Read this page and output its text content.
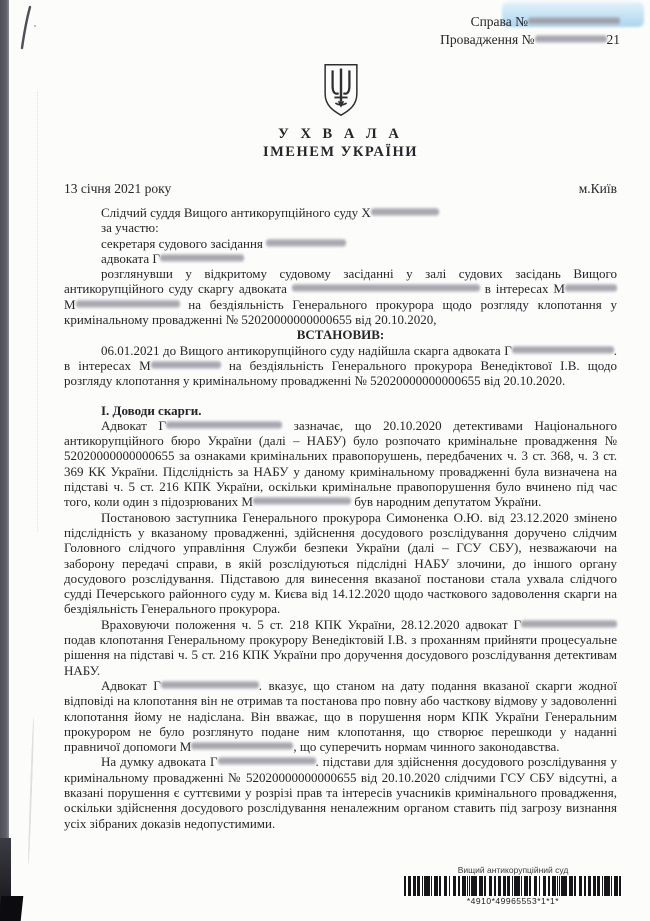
Справа №
Провадження №	21
У Х В А Л А
ІМЕНЕМ УКРАЇНИ
13 січня 2021 року	м.Київ
Слідчий суддя Вищого антикорупційного суду Х
за участю:
секретаря судового засідання
адвоката Г

розглянувши у відкритому судовому засіданні у залі судових засідань Вищого антикорупційного суду скаргу адвоката	в інтересах М М	на бездіяльність Генерального прокурора щодо розгляду клопотання у кримінальному провадженні № 52020000000000655 від 20.10.2020,

ВСТАНОВИВ:

06.01.2021 до Вищого антикорупційного суду надійшла скарга адвоката Г	. в інтересах М	на бездіяльність Генерального прокурора Венедіктової І.В. щодо розгляду клопотання у кримінальному провадженні № 52020000000000655 від 20.10.2020.

І. Доводи скарги.

Адвокат Г	зазначає, що 20.10.2020 детективами Національного антикорупційного бюро України (далі – НАБУ) було розпочато кримінальне провадження № 52020000000000655 за ознаками кримінальних правопорушень, передбачених ч. 3 ст. 368, ч. 3 ст. 369 КК України. Підслідність за НАБУ у даному кримінальному провадженні була визначена на підставі ч. 5 ст. 216 КПК України, оскільки кримінальне правопорушення було вчинено під час того, коли один з підозрюваних М	був народним депутатом України.

Постановою заступника Генерального прокурора Симоненка О.Ю. від 23.12.2020 змінено підслідність у вказаному провадженні, здійснення досудового розслідування доручено слідчим Головного слідчого управління Служби безпеки України (далі – ГСУ СБУ), незважаючи на заборону передачі справи, в якій розслідуються підслідні НАБУ злочини, до іншого органу досудового розслідування. Підставою для винесення вказаної постанови стала ухвала слідчого судді Печерського районного суду м. Києва від 14.12.2020 щодо часткового задоволення скарги на бездіяльність Генерального прокурора.

Враховуючи положення ч. 5 ст. 218 КПК України, 28.12.2020 адвокат Г подав клопотання Генеральному прокурору Венедіктовій І.В. з проханням прийняти процесуальне рішення на підставі ч. 5 ст. 216 КПК України про доручення досудового розслідування детективам НАБУ.

Адвокат Г	. вказує, що станом на дату подання вказаної скарги жодної відповіді на клопотання він не отримав та постанова про повну або часткову відмову у задоволенні клопотання йому не надіслана. Він вважає, що в порушення норм КПК України Генеральним прокурором не було розглянуто подане ним клопотання, що створює перешкоди у наданні правничої допомоги М	, що суперечить нормам чинного законодавства.

На думку адвоката Г	. підстави для здійснення досудового розслідування у кримінальному провадженні № 52020000000000655 від 20.10.2020 слідчими ГСУ СБУ відсутні, а вказані порушення є суттєвими у розрізі прав та інтересів учасників кримінального провадження, оскільки здійснення досудового розслідування неналежним органом ставить під загрозу визнання усіх зібраних доказів недопустимими.

Вищий антикорупційний суд
*4910*49965553*1*1*
